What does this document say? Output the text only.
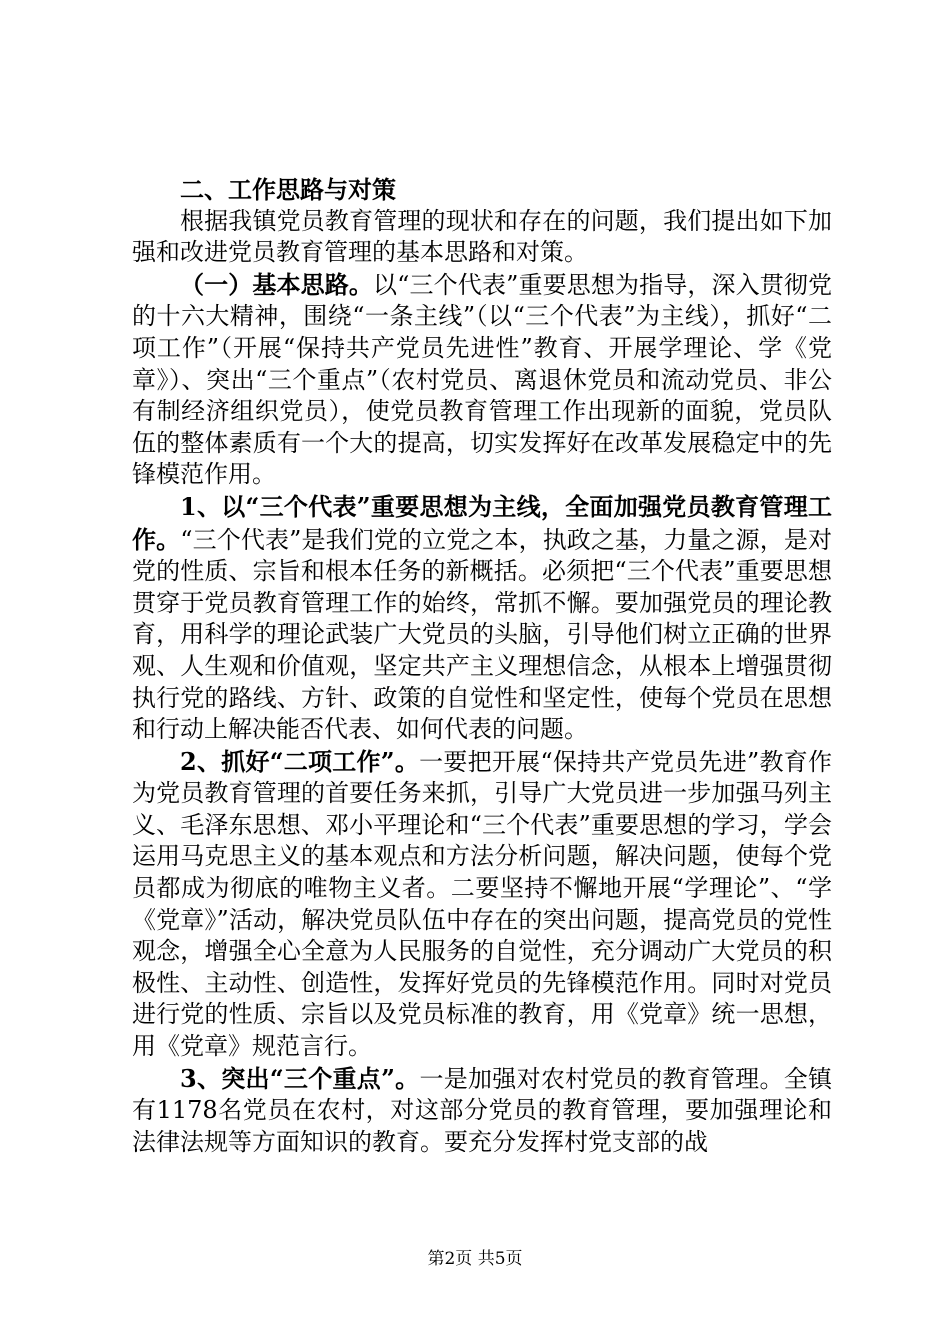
二、工作思路与对策

根据我镇党员教育管理的现状和存在的问题，我们提出如下加强和改进党员教育管理的基本思路和对策。

（一）基本思路。以“三个代表”重要思想为指导，深入贯彻党的十六大精神，围绕“一条主线”（以“三个代表”为主线），抓好“二项工作”（开展“保持共产党员先进性”教育、开展学理论、学《党章》）、突出“三个重点”（农村党员、离退休党员和流动党员、非公有制经济组织党员），使党员教育管理工作出现新的面貌，党员队伍的整体素质有一个大的提高，切实发挥好在改革发展稳定中的先锋模范作用。

1、以“三个代表”重要思想为主线，全面加强党员教育管理工作。“三个代表”是我们党的立党之本，执政之基，力量之源，是对党的性质、宗旨和根本任务的新概括。必须把“三个代表”重要思想贯穿于党员教育管理工作的始终，常抓不懈。要加强党员的理论教育，用科学的理论武装广大党员的头脑，引导他们树立正确的世界观、人生观和价值观，坚定共产主义理想信念，从根本上增强贯彻执行党的路线、方针、政策的自觉性和坚定性，使每个党员在思想和行动上解决能否代表、如何代表的问题。

2、抓好“二项工作”。一要把开展“保持共产党员先进”教育作为党员教育管理的首要任务来抓，引导广大党员进一步加强马列主义、毛泽东思想、邓小平理论和“三个代表”重要思想的学习，学会运用马克思主义的基本观点和方法分析问题，解决问题，使每个党员都成为彻底的唯物主义者。二要坚持不懈地开展“学理论”、“学《党章》”活动，解决党员队伍中存在的突出问题，提高党员的党性观念，增强全心全意为人民服务的自觉性，充分调动广大党员的积极性、主动性、创造性，发挥好党员的先锋模范作用。同时对党员进行党的性质、宗旨以及党员标准的教育，用《党章》统一思想，用《党章》规范言行。

3、突出“三个重点”。一是加强对农村党员的教育管理。全镇有1178名党员在农村，对这部分党员的教育管理，要加强理论和法律法规等方面知识的教育。要充分发挥村党支部的战

第2页 共5页
